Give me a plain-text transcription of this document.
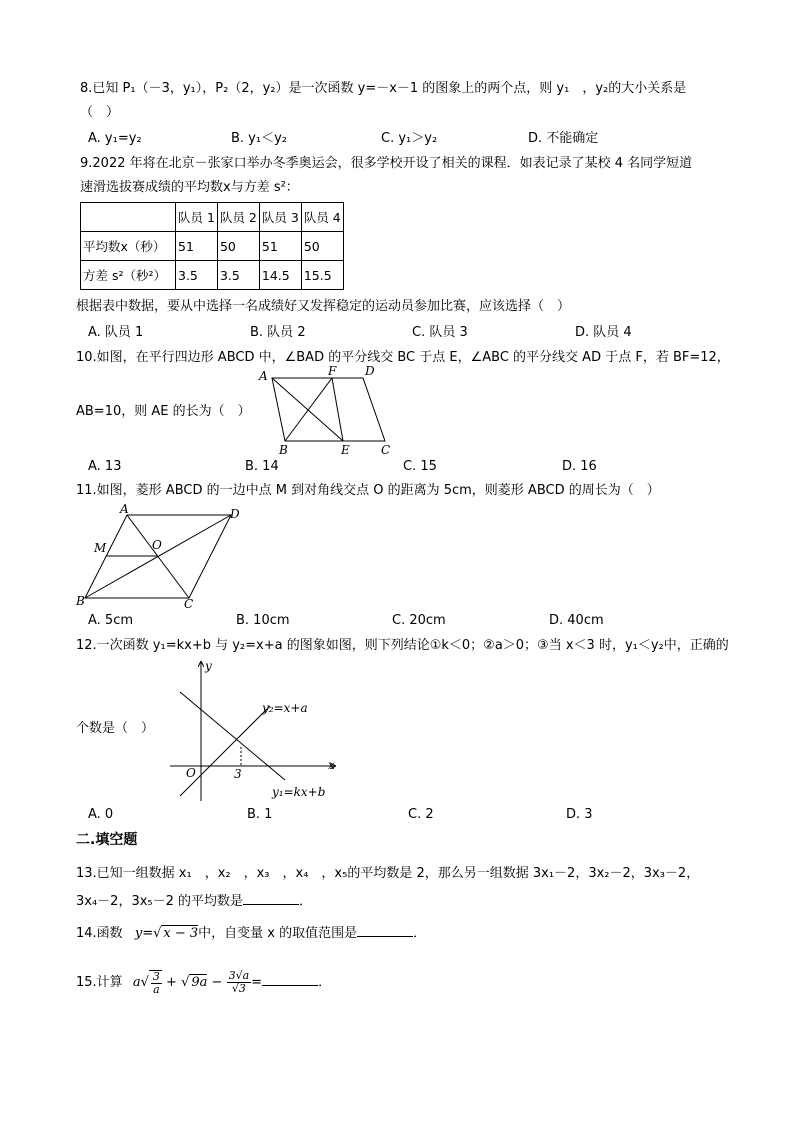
8.已知 P₁（－3，y₁），P₂（2，y₂）是一次函数 y=－x－1 的图象上的两个点，则 y₁　，y₂的大小关系是
（　）
A. y₁=y₂	B. y₁＜y₂	C. y₁＞y₂	D. 不能确定
9.2022 年将在北京－张家口举办冬季奥运会，很多学校开设了相关的课程．如表记录了某校 4 名同学短道
速滑选拔赛成绩的平均数x与方差 s²：
	队员 1	队员 2	队员 3	队员 4
平均数x（秒）	51	50	51	50
方差 s²（秒²）	3.5	3.5	14.5	15.5
根据表中数据，要从中选择一名成绩好又发挥稳定的运动员参加比赛，应该选择（　）
A. 队员 1	B. 队员 2	C. 队员 3	D. 队员 4
10.如图，在平行四边形 ABCD 中，∠BAD 的平分线交 BC 于点 E，∠ABC 的平分线交 AD 于点 F，若 BF=12，
AB=10，则 AE 的长为（　）
A	F D
B	E	C
A. 13	B. 14	C. 15	D. 16
11.如图，菱形 ABCD 的一边中点 M 到对角线交点 O 的距离为 5cm，则菱形 ABCD 的周长为（　）
A	D
M	O
B	C
A. 5cm	B. 10cm	C. 20cm	D. 40cm
12.一次函数 y₁=kx+b 与 y₂=x+a 的图象如图，则下列结论①k＜0；②a＞0；③当 x＜3 时，y₁＜y₂中，正确的
y
x
O	3
y₂=x+a
y₁=kx+b
个数是（　）
A. 0	B. 1	C. 2	D. 3
二.填空题
13.已知一组数据 x₁　，x₂　，x₃　，x₄　，x₅的平均数是 2，那么另一组数据 3x₁－2，3x₂－2，3x₃－2，
3x₄－2，3x₅－2 的平均数是	．
14.函数 y=√ x − 3中，自变量 x 的取值范围是	．
15.计算 $a√ \frac{3}{a}$ + √ $9a - \frac{3√a}{√3}$ =	．
